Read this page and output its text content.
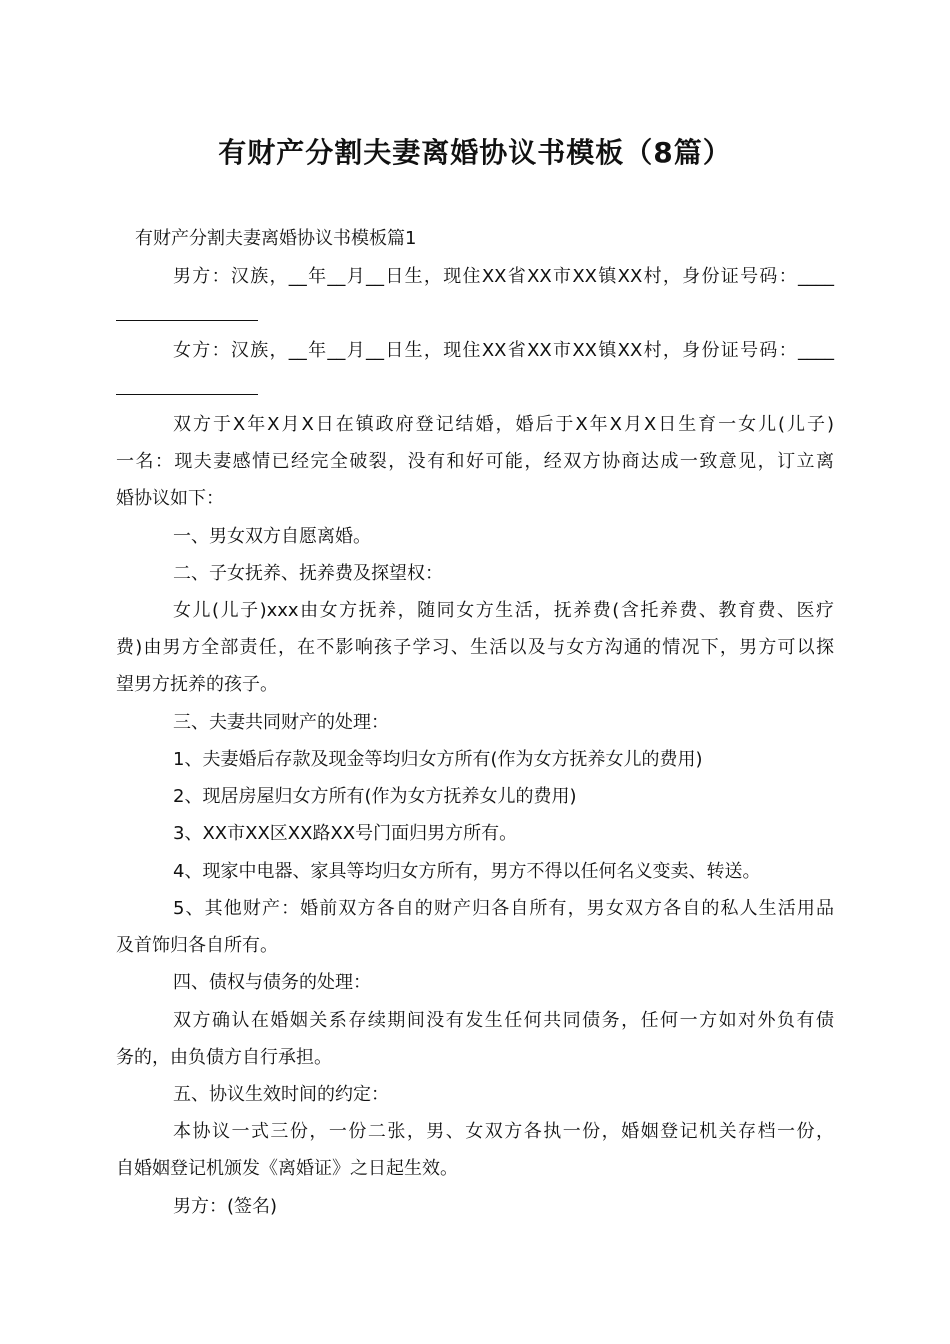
有财产分割夫妻离婚协议书模板（8篇）

有财产分割夫妻离婚协议书模板篇1

男方：汉族，__年__月__日生，现住XX省XX市XX镇XX村，身份证号码：____

女方：汉族，__年__月__日生，现住XX省XX市XX镇XX村，身份证号码：____

双方于X年X月X日在镇政府登记结婚，婚后于X年X月X日生育一女儿(儿子)

一名：现夫妻感情已经完全破裂，没有和好可能，经双方协商达成一致意见，订立离

婚协议如下：

一、男女双方自愿离婚。

二、子女抚养、抚养费及探望权：

女儿(儿子)xxx由女方抚养，随同女方生活，抚养费(含托养费、教育费、医疗

费)由男方全部责任，在不影响孩子学习、生活以及与女方沟通的情况下，男方可以探

望男方抚养的孩子。

三、夫妻共同财产的处理：

1、夫妻婚后存款及现金等均归女方所有(作为女方抚养女儿的费用)

2、现居房屋归女方所有(作为女方抚养女儿的费用)

3、XX市XX区XX路XX号门面归男方所有。

4、现家中电器、家具等均归女方所有，男方不得以任何名义变卖、转送。

5、其他财产：婚前双方各自的财产归各自所有，男女双方各自的私人生活用品

及首饰归各自所有。

四、债权与债务的处理：

双方确认在婚姻关系存续期间没有发生任何共同债务，任何一方如对外负有债

务的，由负债方自行承担。

五、协议生效时间的约定：

本协议一式三份，一份二张，男、女双方各执一份，婚姻登记机关存档一份，

自婚姻登记机颁发《离婚证》之日起生效。

男方：(签名)
